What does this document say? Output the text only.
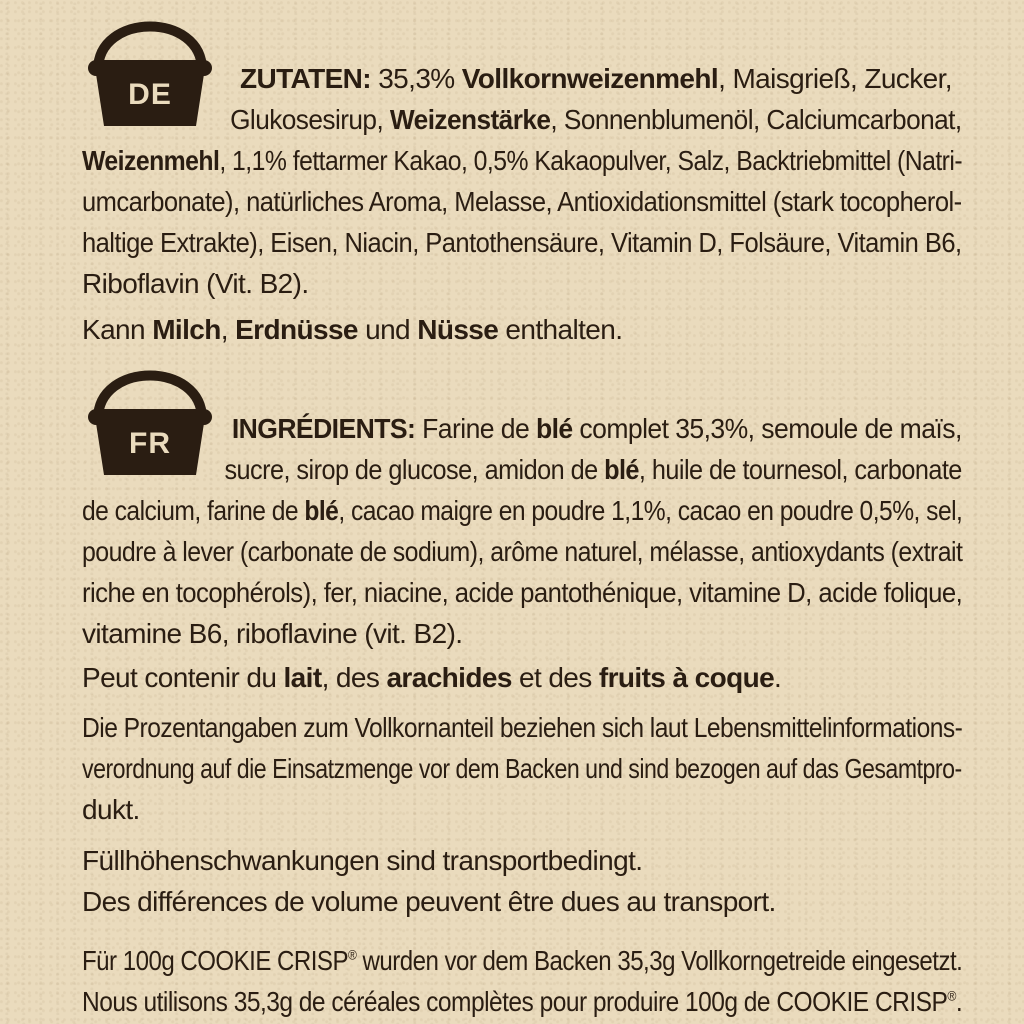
DE
FR

ZUTATEN: 35,3% Vollkornweizenmehl, Maisgrieß, Zucker,

Glukosesirup, Weizenstärke, Sonnenblumenöl, Calciumcarbonat,

Weizenmehl, 1,1% fettarmer Kakao, 0,5% Kakaopulver, Salz, Backtriebmittel (Natri-

umcarbonate), natürliches Aroma, Melasse, Antioxidationsmittel (stark tocopherol-

haltige Extrakte), Eisen, Niacin, Pantothensäure, Vitamin D, Folsäure, Vitamin B6,

Riboflavin (Vit. B2).

Kann Milch, Erdnüsse und Nüsse enthalten.

INGRÉDIENTS: Farine de blé complet 35,3%, semoule de maïs,

sucre, sirop de glucose, amidon de blé, huile de tournesol, carbonate

de calcium, farine de blé, cacao maigre en poudre 1,1%, cacao en poudre 0,5%, sel,

poudre à lever (carbonate de sodium), arôme naturel, mélasse, antioxydants (extrait

riche en tocophérols), fer, niacine, acide pantothénique, vitamine D, acide folique,

vitamine B6, riboflavine (vit. B2).

Peut contenir du lait, des arachides et des fruits à coque.

Die Prozentangaben zum Vollkornanteil beziehen sich laut Lebensmittelinformations-

verordnung auf die Einsatzmenge vor dem Backen und sind bezogen auf das Gesamtpro-

dukt.

Füllhöhenschwankungen sind transportbedingt.

Des différences de volume peuvent être dues au transport.

Für 100g COOKIE CRISP® wurden vor dem Backen 35,3g Vollkorngetreide eingesetzt.

Nous utilisons 35,3g de céréales complètes pour produire 100g de COOKIE CRISP®.
